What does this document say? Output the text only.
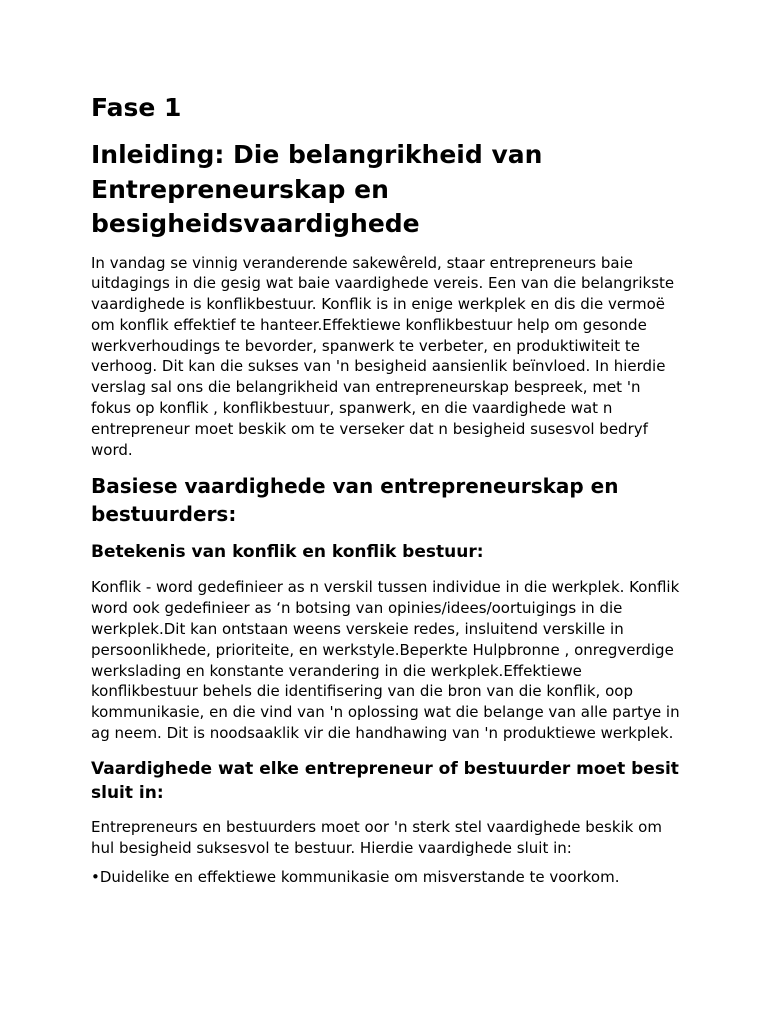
Fase 1
Inleiding: Die belangrikheid van Entrepreneurskap en besigheidsvaardighede

In vandag se vinnig veranderende sakewêreld, staar entrepreneurs baie uitdagings in die gesig wat baie vaardighede vereis. Een van die belangrikste vaardighede is konflikbestuur. Konflik is in enige werkplek en dis die vermoë om konflik effektief te hanteer.Effektiewe konflikbestuur help om gesonde werkverhoudings te bevorder, spanwerk te verbeter, en produktiwiteit te verhoog. Dit kan die sukses van 'n besigheid aansienlik beïnvloed. In hierdie verslag sal ons die belangrikheid van entrepreneurskap bespreek, met 'n fokus op konflik , konflikbestuur, spanwerk, en die vaardighede wat n entrepreneur moet beskik om te verseker dat n besigheid susesvol bedryf word.

Basiese vaardighede van entrepreneurskap en bestuurders:
Betekenis van konflik en konflik bestuur:

Konflik - word gedefinieer as n verskil tussen individue in die werkplek. Konflik word ook gedefinieer as ‘n botsing van opinies/idees/oortuigings in die werkplek.Dit kan ontstaan weens verskeie redes, insluitend verskille in persoonlikhede, prioriteite, en werkstyle.Beperkte Hulpbronne , onregverdige werkslading en konstante verandering in die werkplek.Effektiewe konflikbestuur behels die identifisering van die bron van die konflik, oop kommunikasie, en die vind van 'n oplossing wat die belange van alle partye in ag neem. Dit is noodsaaklik vir die handhawing van 'n produktiewe werkplek.

Vaardighede wat elke entrepreneur of bestuurder moet besit sluit in:

Entrepreneurs en bestuurders moet oor 'n sterk stel vaardighede beskik om hul besigheid suksesvol te bestuur. Hierdie vaardighede sluit in:

•Duidelike en effektiewe kommunikasie om misverstande te voorkom.
